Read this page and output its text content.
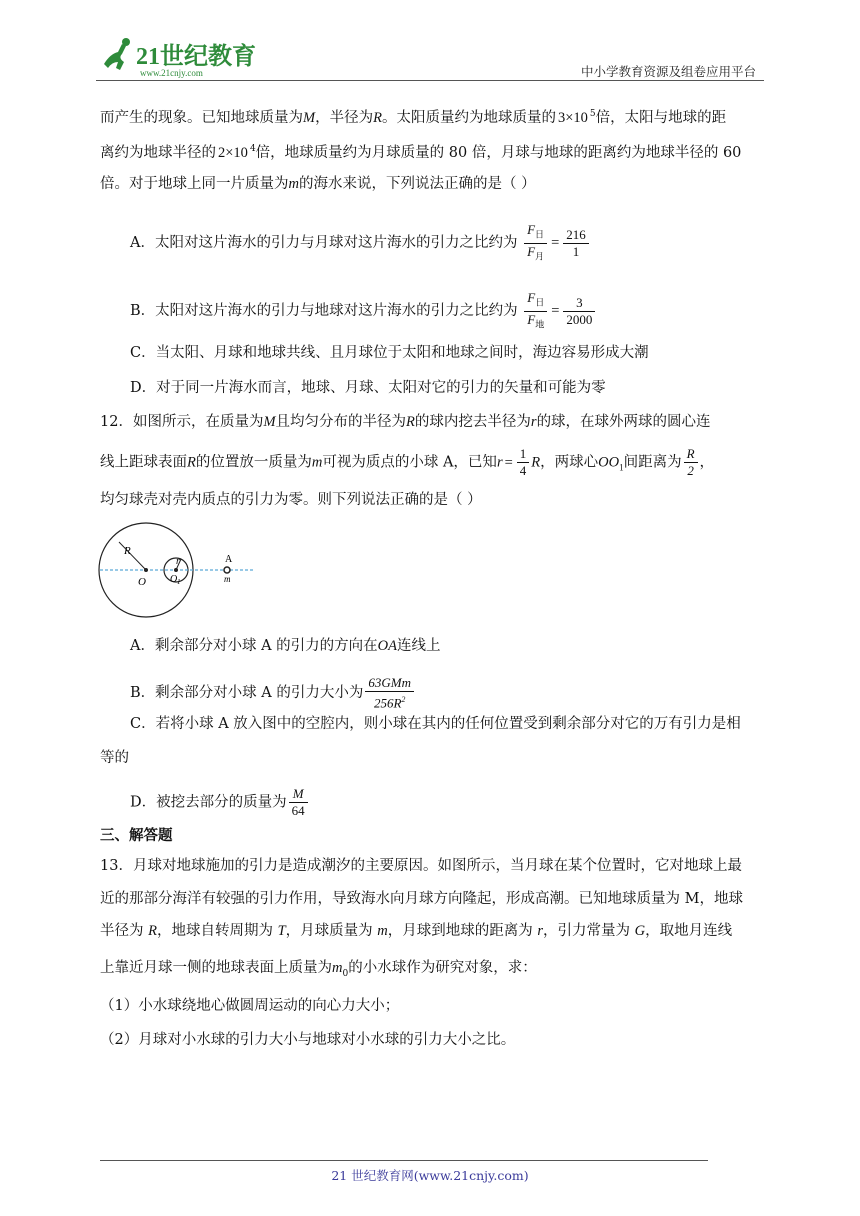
21世纪教育
www.21cnjy.com	中小学教育资源及组卷应用平台
而产生的现象。已知地球质量为M，半径为R。太阳质量约为地球质量的 3×10 $^5$倍，太阳与地球的距
离约为地球半径的 2×10 $^4$倍，地球质量约为月球质量的 80 倍，月球与地球的距离约为地球半径的 60
倍。对于地球上同一片质量为m的海水来说，下列说法正确的是（ ）
A．太阳对这片海水的引力与月球对这片海水的引力之比约为 $\frac{F_日}{F_月} = \frac{216}{1}$
B．太阳对这片海水的引力与地球对这片海水的引力之比约为 $\frac{F_日}{F_地} = \frac{3}{2000}$
C．当太阳、月球和地球共线、且月球位于太阳和地球之间时，海边容易形成大潮
D．对于同一片海水而言，地球、月球、太阳对它的引力的矢量和可能为零
12．如图所示，在质量为M且均匀分布的半径为R的球内挖去半径为r的球，在球外两球的圆心连
线上距球表面R的位置放一质量为m可视为质点的小球 A，已知$r = \frac{1}{4}$ R，两球心$OO_1$间距离为 $\frac{R}{2}$ ，
均匀球壳对壳内质点的引力为零。则下列说法正确的是（ ）
R
r
O O 1
A
m
A．剩余部分对小球 A 的引力的方向在OA连线上
B．剩余部分对小球 A 的引力大小为 $\frac{\text{63GMm}}{256R^2}$
C．若将小球 A 放入图中的空腔内，则小球在其内的任何位置受到剩余部分对它的万有引力是相
等的
D．被挖去部分的质量为 $\frac{M}{64}$
三、解答题
13．月球对地球施加的引力是造成潮汐的主要原因。如图所示，当月球在某个位置时，它对地球上最
近的那部分海洋有较强的引力作用，导致海水向月球方向隆起，形成高潮。已知地球质量为 M，地球
半径为 R，地球自转周期为 T，月球质量为 m，月球到地球的距离为 r，引力常量为 G，取地月连线
上靠近月球一侧的地球表面上质量为$m_0$的小水球作为研究对象，求：
（1）小水球绕地心做圆周运动的向心力大小；
（2）月球对小水球的引力大小与地球对小水球的引力大小之比。
21 世纪教育网(www.21cnjy.com)
